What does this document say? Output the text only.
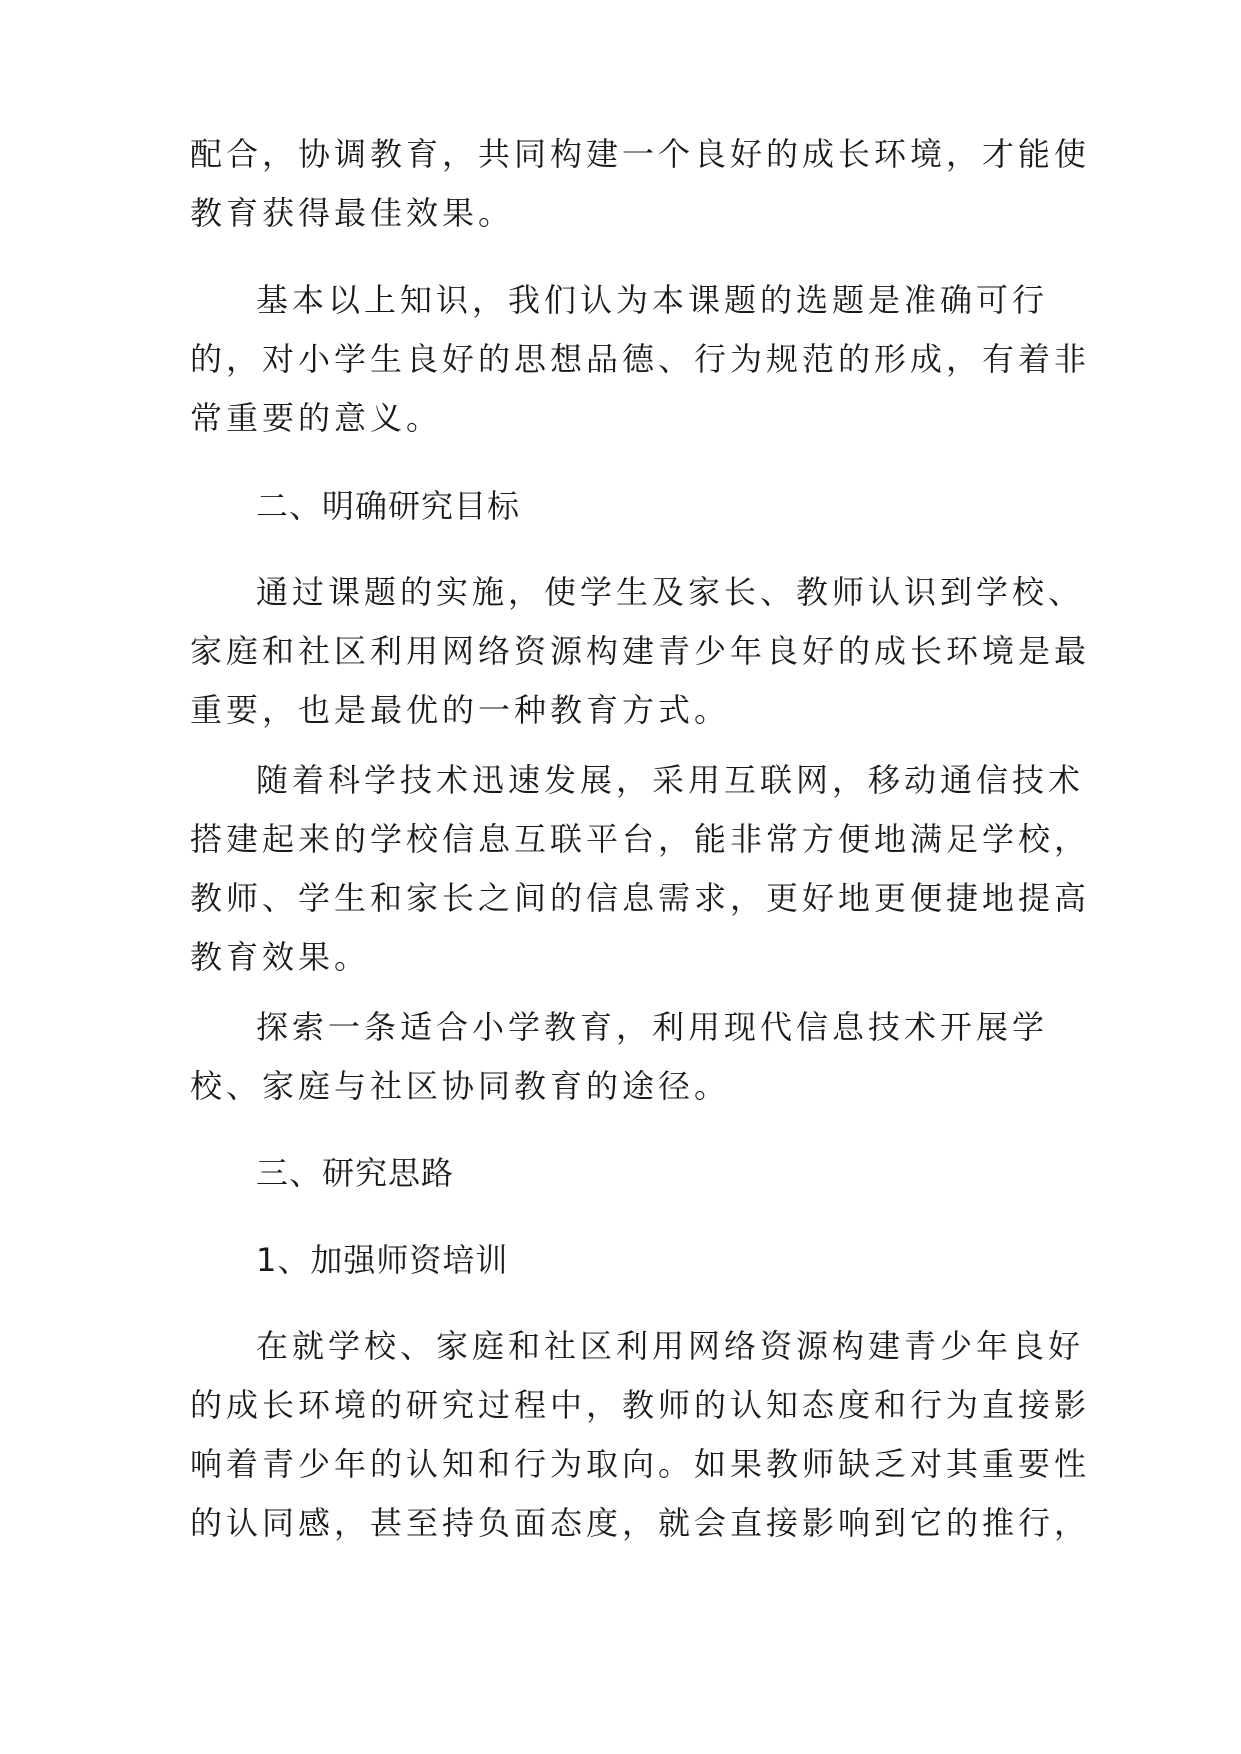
配合，协调教育，共同构建一个良好的成长环境，才能使
教育获得最佳效果。
基本以上知识，我们认为本课题的选题是准确可行
的，对小学生良好的思想品德、行为规范的形成，有着非
常重要的意义。
二、明确研究目标
通过课题的实施，使学生及家长、教师认识到学校、
家庭和社区利用网络资源构建青少年良好的成长环境是最
重要，也是最优的一种教育方式。
随着科学技术迅速发展，采用互联网，移动通信技术
搭建起来的学校信息互联平台，能非常方便地满足学校，
教师、学生和家长之间的信息需求，更好地更便捷地提高
教育效果。
探索一条适合小学教育，利用现代信息技术开展学
校、家庭与社区协同教育的途径。
三、研究思路
1、加强师资培训
在就学校、家庭和社区利用网络资源构建青少年良好
的成长环境的研究过程中，教师的认知态度和行为直接影
响着青少年的认知和行为取向。如果教师缺乏对其重要性
的认同感，甚至持负面态度，就会直接影响到它的推行，
